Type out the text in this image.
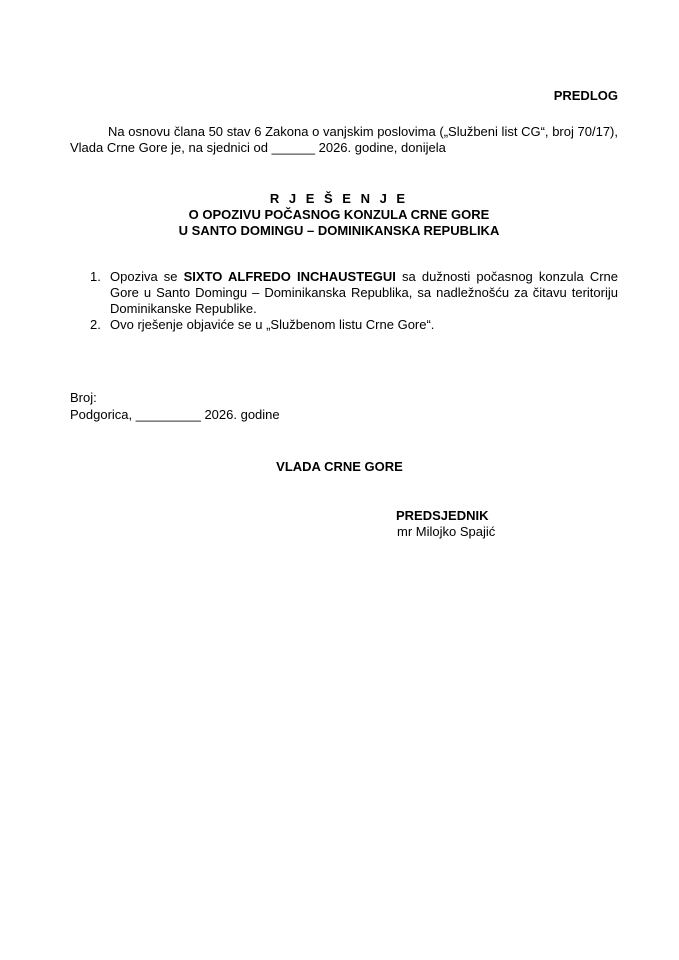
PREDLOG
Na osnovu člana 50 stav 6 Zakona o vanjskim poslovima („Službeni list CG“, broj 70/17), Vlada Crne Gore je, na sjednici od ______ 2026. godine, donijela
R J E Š E N J E
O OPOZIVU POČASNOG KONZULA CRNE GORE
U SANTO DOMINGU – DOMINIKANSKA REPUBLIKA
1. Opoziva se SIXTO ALFREDO INCHAUSTEGUI sa dužnosti počasnog konzula Crne Gore u Santo Domingu – Dominikanska Republika, sa nadležnošću za čitavu teritoriju Dominikanske Republike.
2. Ovo rješenje objaviće se u „Službenom listu Crne Gore“.
Broj:
Podgorica, _________ 2026. godine
VLADA CRNE GORE
PREDSJEDNIK
mr Milojko Spajić
